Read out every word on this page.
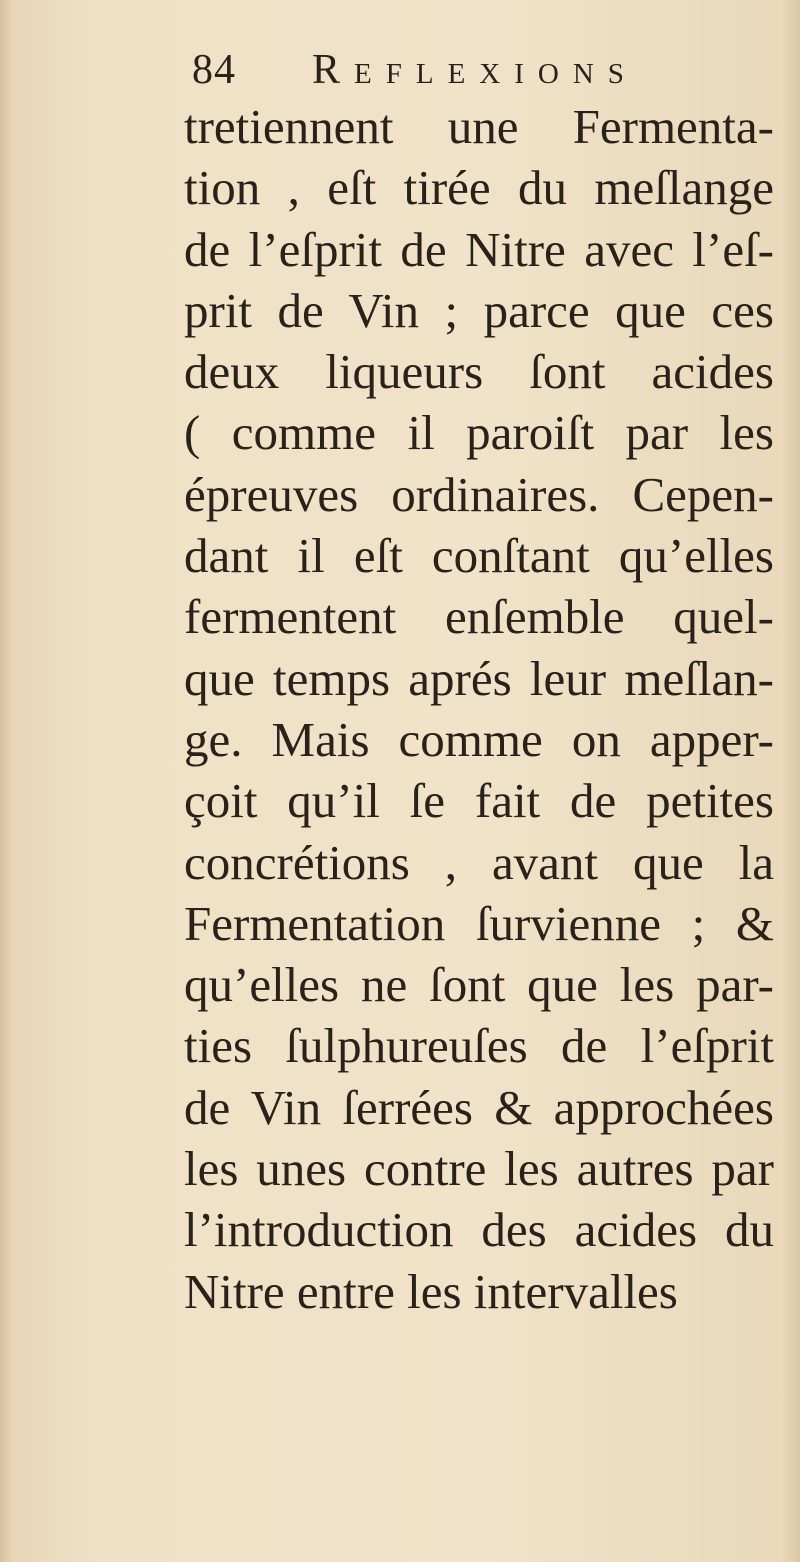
84 Reflexions
tretiennent une Fermenta-
tion , eſt tirée du meſlange
de l’eſprit de Nitre avec l’eſ-
prit de Vin ; parce que ces
deux liqueurs ſont acides
( comme il paroiſt par les
épreuves ordinaires. Cepen-
dant il eſt conſtant qu’elles
fermentent enſemble quel-
que temps aprés leur meſlan-
ge. Mais comme on apper-
çoit qu’il ſe fait de petites
concrétions , avant que la
Fermentation ſurvienne ; &
qu’elles ne ſont que les par-
ties ſulphureuſes de l’eſprit
de Vin ſerrées & approchées
les unes contre les autres par
l’introduction des acides du
Nitre entre les intervalles
